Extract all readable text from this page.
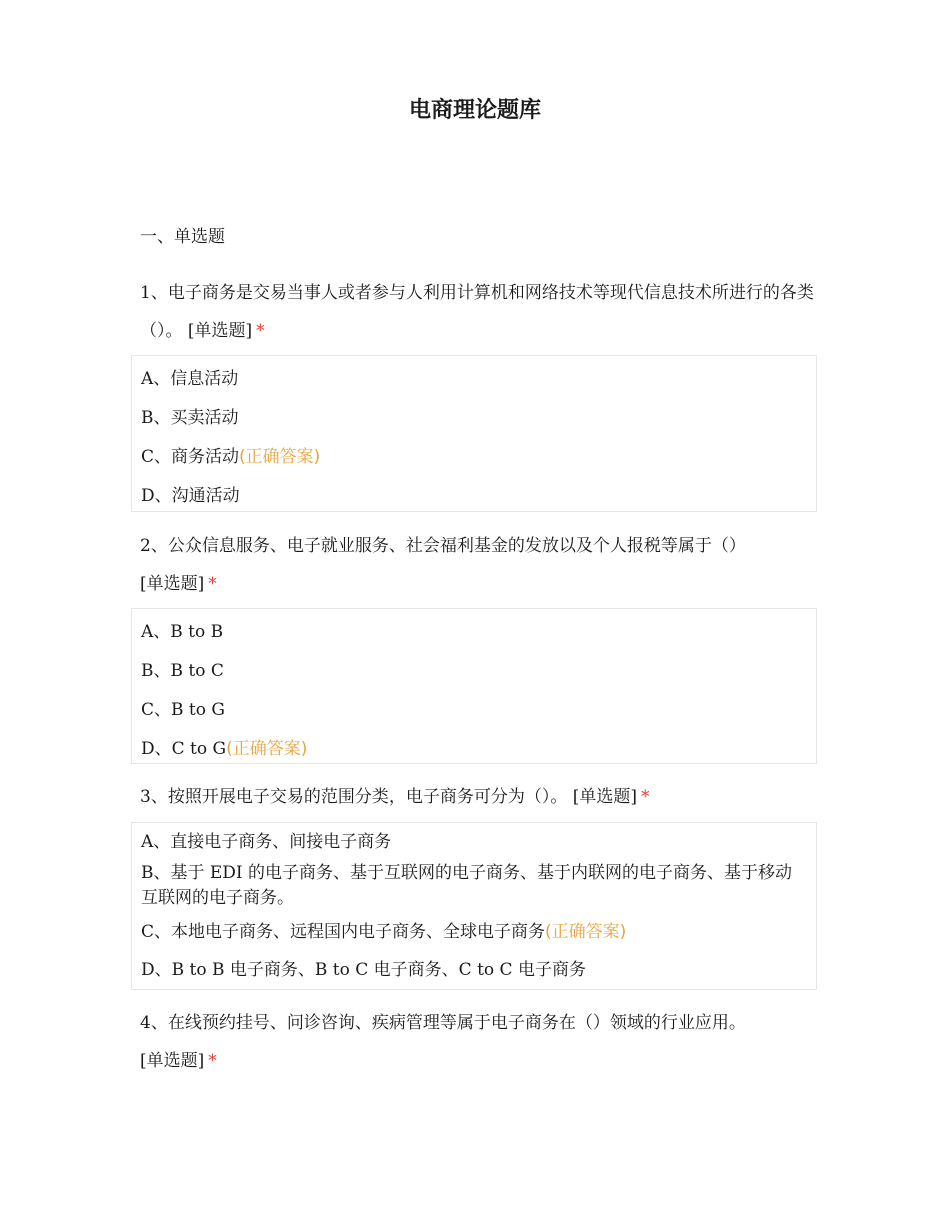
电商理论题库
一、单选题
1、电子商务是交易当事人或者参与人利用计算机和网络技术等现代信息技术所进行的各类（）。 [单选题] *
A、信息活动
B、买卖活动
C、商务活动(正确答案)
D、沟通活动
2、公众信息服务、电子就业服务、社会福利基金的发放以及个人报税等属于（）
[单选题] *
A、B to B
B、B to C
C、B to G
D、C to G(正确答案)
3、按照开展电子交易的范围分类，电子商务可分为（）。 [单选题] *
A、直接电子商务、间接电子商务
B、基于 EDI 的电子商务、基于互联网的电子商务、基于内联网的电子商务、基于移动互联网的电子商务。
C、本地电子商务、远程国内电子商务、全球电子商务(正确答案)
D、B to B 电子商务、B to C 电子商务、C to C 电子商务
4、在线预约挂号、问诊咨询、疾病管理等属于电子商务在（）领域的行业应用。
[单选题] *
